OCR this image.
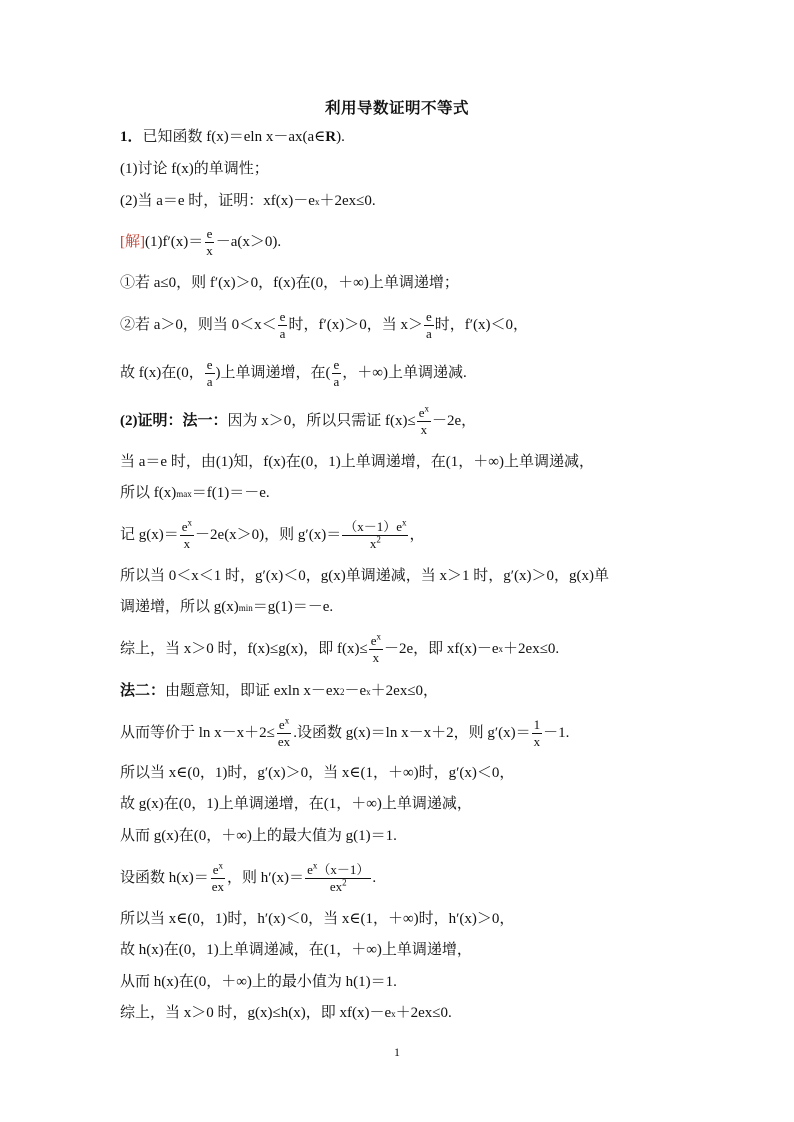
利用导数证明不等式
1． 已知函数 f(x)＝eln x－ax(a∈ R ).
(1)讨论 f(x)的单调性；
(2)当 a＝e 时，证明：xf(x)－e x ＋2ex≤0.
[解] $(1)f'(x)= \frac{e}{x} -a(x>0)$.
①若 a≤0，则 f′(x)＞0，f(x)在(0，＋∞)上单调递增；
②若 a＞0，则当 $0<x< \frac{e}{a}$ 时，f′(x)＞0，当 $x> \frac{e}{a}$ 时，f′(x)＜0，
故 f(x)在(0， $\frac{e}{a}$ )上单调递增，在( $\frac{e}{a}$ ，＋∞)上单调递减.
(2)证明：法一： 因为 x＞0，所以只需证 $f(x)\le \frac{e^x}{x} -2e$，
当 a＝e 时，由(1)知，f(x)在(0，1)上单调递增，在(1，＋∞)上单调递减，
所以 f(x) max ＝f(1)＝－e.
记 $g(x)= \frac{e^x}{x} -2e(x>0)$，则 $g'(x)= \frac{(x-1)e^x}{x^2}$ ，
所以当 0＜x＜1 时，g′(x)＜0，g(x)单调递减，当 x＞1 时，g′(x)＞0，g(x)单
调递增，所以 g(x) min ＝g(1)＝－e.
综上，当 x＞0 时，f(x)≤g(x)，即 $f(x)\le \frac{e^x}{x} -2e$，即 xf(x)－e x ＋2ex≤0.
法二： 由题意知，即证 exln x－ex 2 －e x ＋2ex≤0，
从而等价于 $\ln x-x+2\le \frac{e^x}{ex}$ .设函数 g(x)＝ln x－x＋2，则 $g'(x)= \frac{1}{x} -1$.
所以当 x∈(0，1)时，g′(x)＞0，当 x∈(1，＋∞)时，g′(x)＜0，
故 g(x)在(0，1)上单调递增，在(1，＋∞)上单调递减，
从而 g(x)在(0，＋∞)上的最大值为 g(1)＝1.
设函数 $h(x)= \frac{e^x}{ex}$ ，则 $h'(x)= \frac{e^x(x-1)}{ex^2}$ .
所以当 x∈(0，1)时，h′(x)＜0，当 x∈(1，＋∞)时，h′(x)＞0，
故 h(x)在(0，1)上单调递减，在(1，＋∞)上单调递增，
从而 h(x)在(0，＋∞)上的最小值为 h(1)＝1.
综上，当 x＞0 时，g(x)≤h(x)，即 xf(x)－e x ＋2ex≤0.
1
